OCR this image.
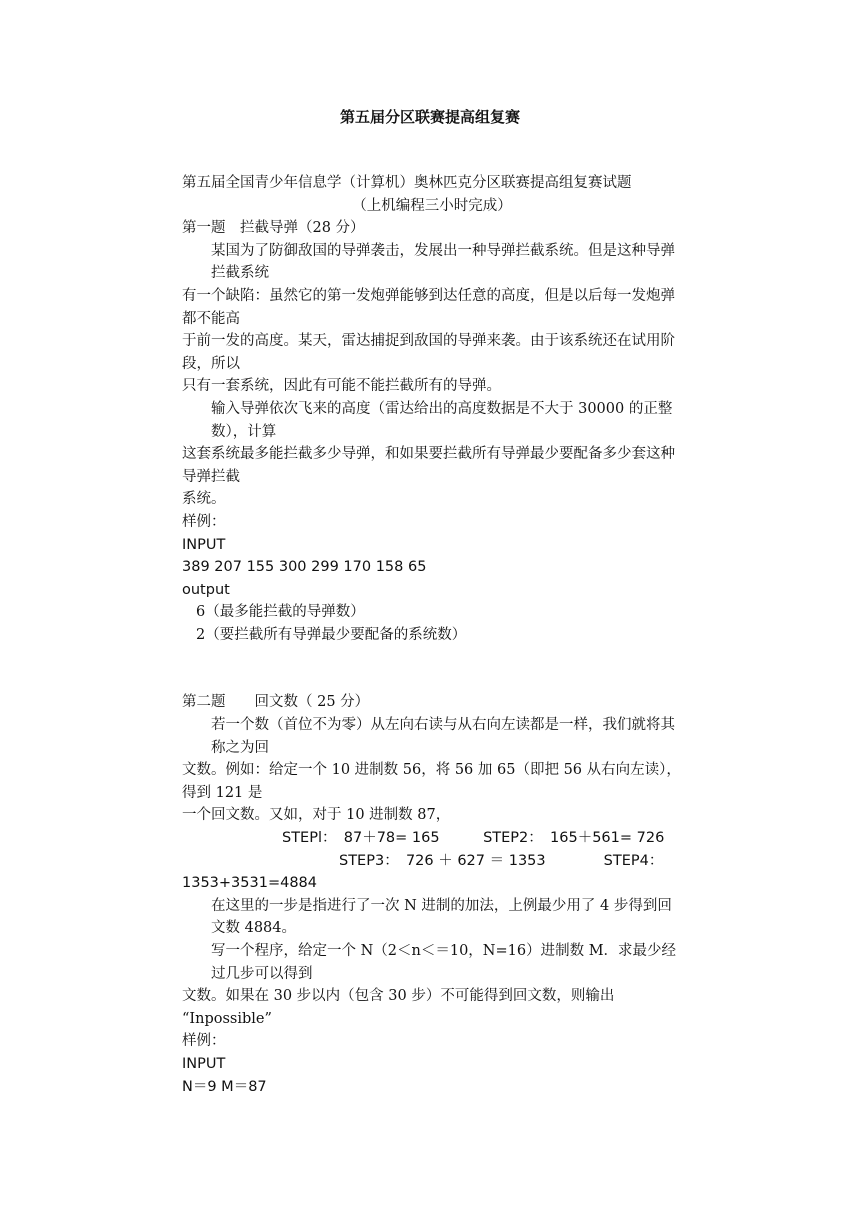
第五届分区联赛提高组复赛
第五届全国青少年信息学（计算机）奥林匹克分区联赛提高组复赛试题
（上机编程三小时完成）
第一题　拦截导弹（28 分）
某国为了防御敌国的导弹袭击，发展出一种导弹拦截系统。但是这种导弹拦截系统
有一个缺陷：虽然它的第一发炮弹能够到达任意的高度，但是以后每一发炮弹都不能高
于前一发的高度。某天，雷达捕捉到敌国的导弹来袭。由于该系统还在试用阶段，所以
只有一套系统，因此有可能不能拦截所有的导弹。
输入导弹依次飞来的高度（雷达给出的高度数据是不大于 30000 的正整数），计算
这套系统最多能拦截多少导弹，和如果要拦截所有导弹最少要配备多少套这种导弹拦截
系统。
样例：
INPUT
389 207 155 300 299 170 158 65
output
6（最多能拦截的导弹数）
2（要拦截所有导弹最少要配备的系统数）
第二题　　回文数（ 25 分）
若一个数（首位不为零）从左向右读与从右向左读都是一样，我们就将其称之为回
文数。例如：给定一个 10 进制数 56，将 56 加 65（即把 56 从右向左读），得到 121 是
一个回文数。又如，对于 10 进制数 87，
STEPl：　87＋78= 165　　　STEP2：　165＋561= 726
STEP3：　726 ＋ 627 ＝ 1353　　　　STEP4：
1353+3531=4884
在这里的一步是指进行了一次 N 进制的加法，上例最少用了 4 步得到回文数 4884。
写一个程序，给定一个 N（2＜n＜＝10，N=16）进制数 M．求最少经过几步可以得到
文数。如果在 30 步以内（包含 30 步）不可能得到回文数，则输出 “Inpossible”
样例：
INPUT
N＝9 M＝87
